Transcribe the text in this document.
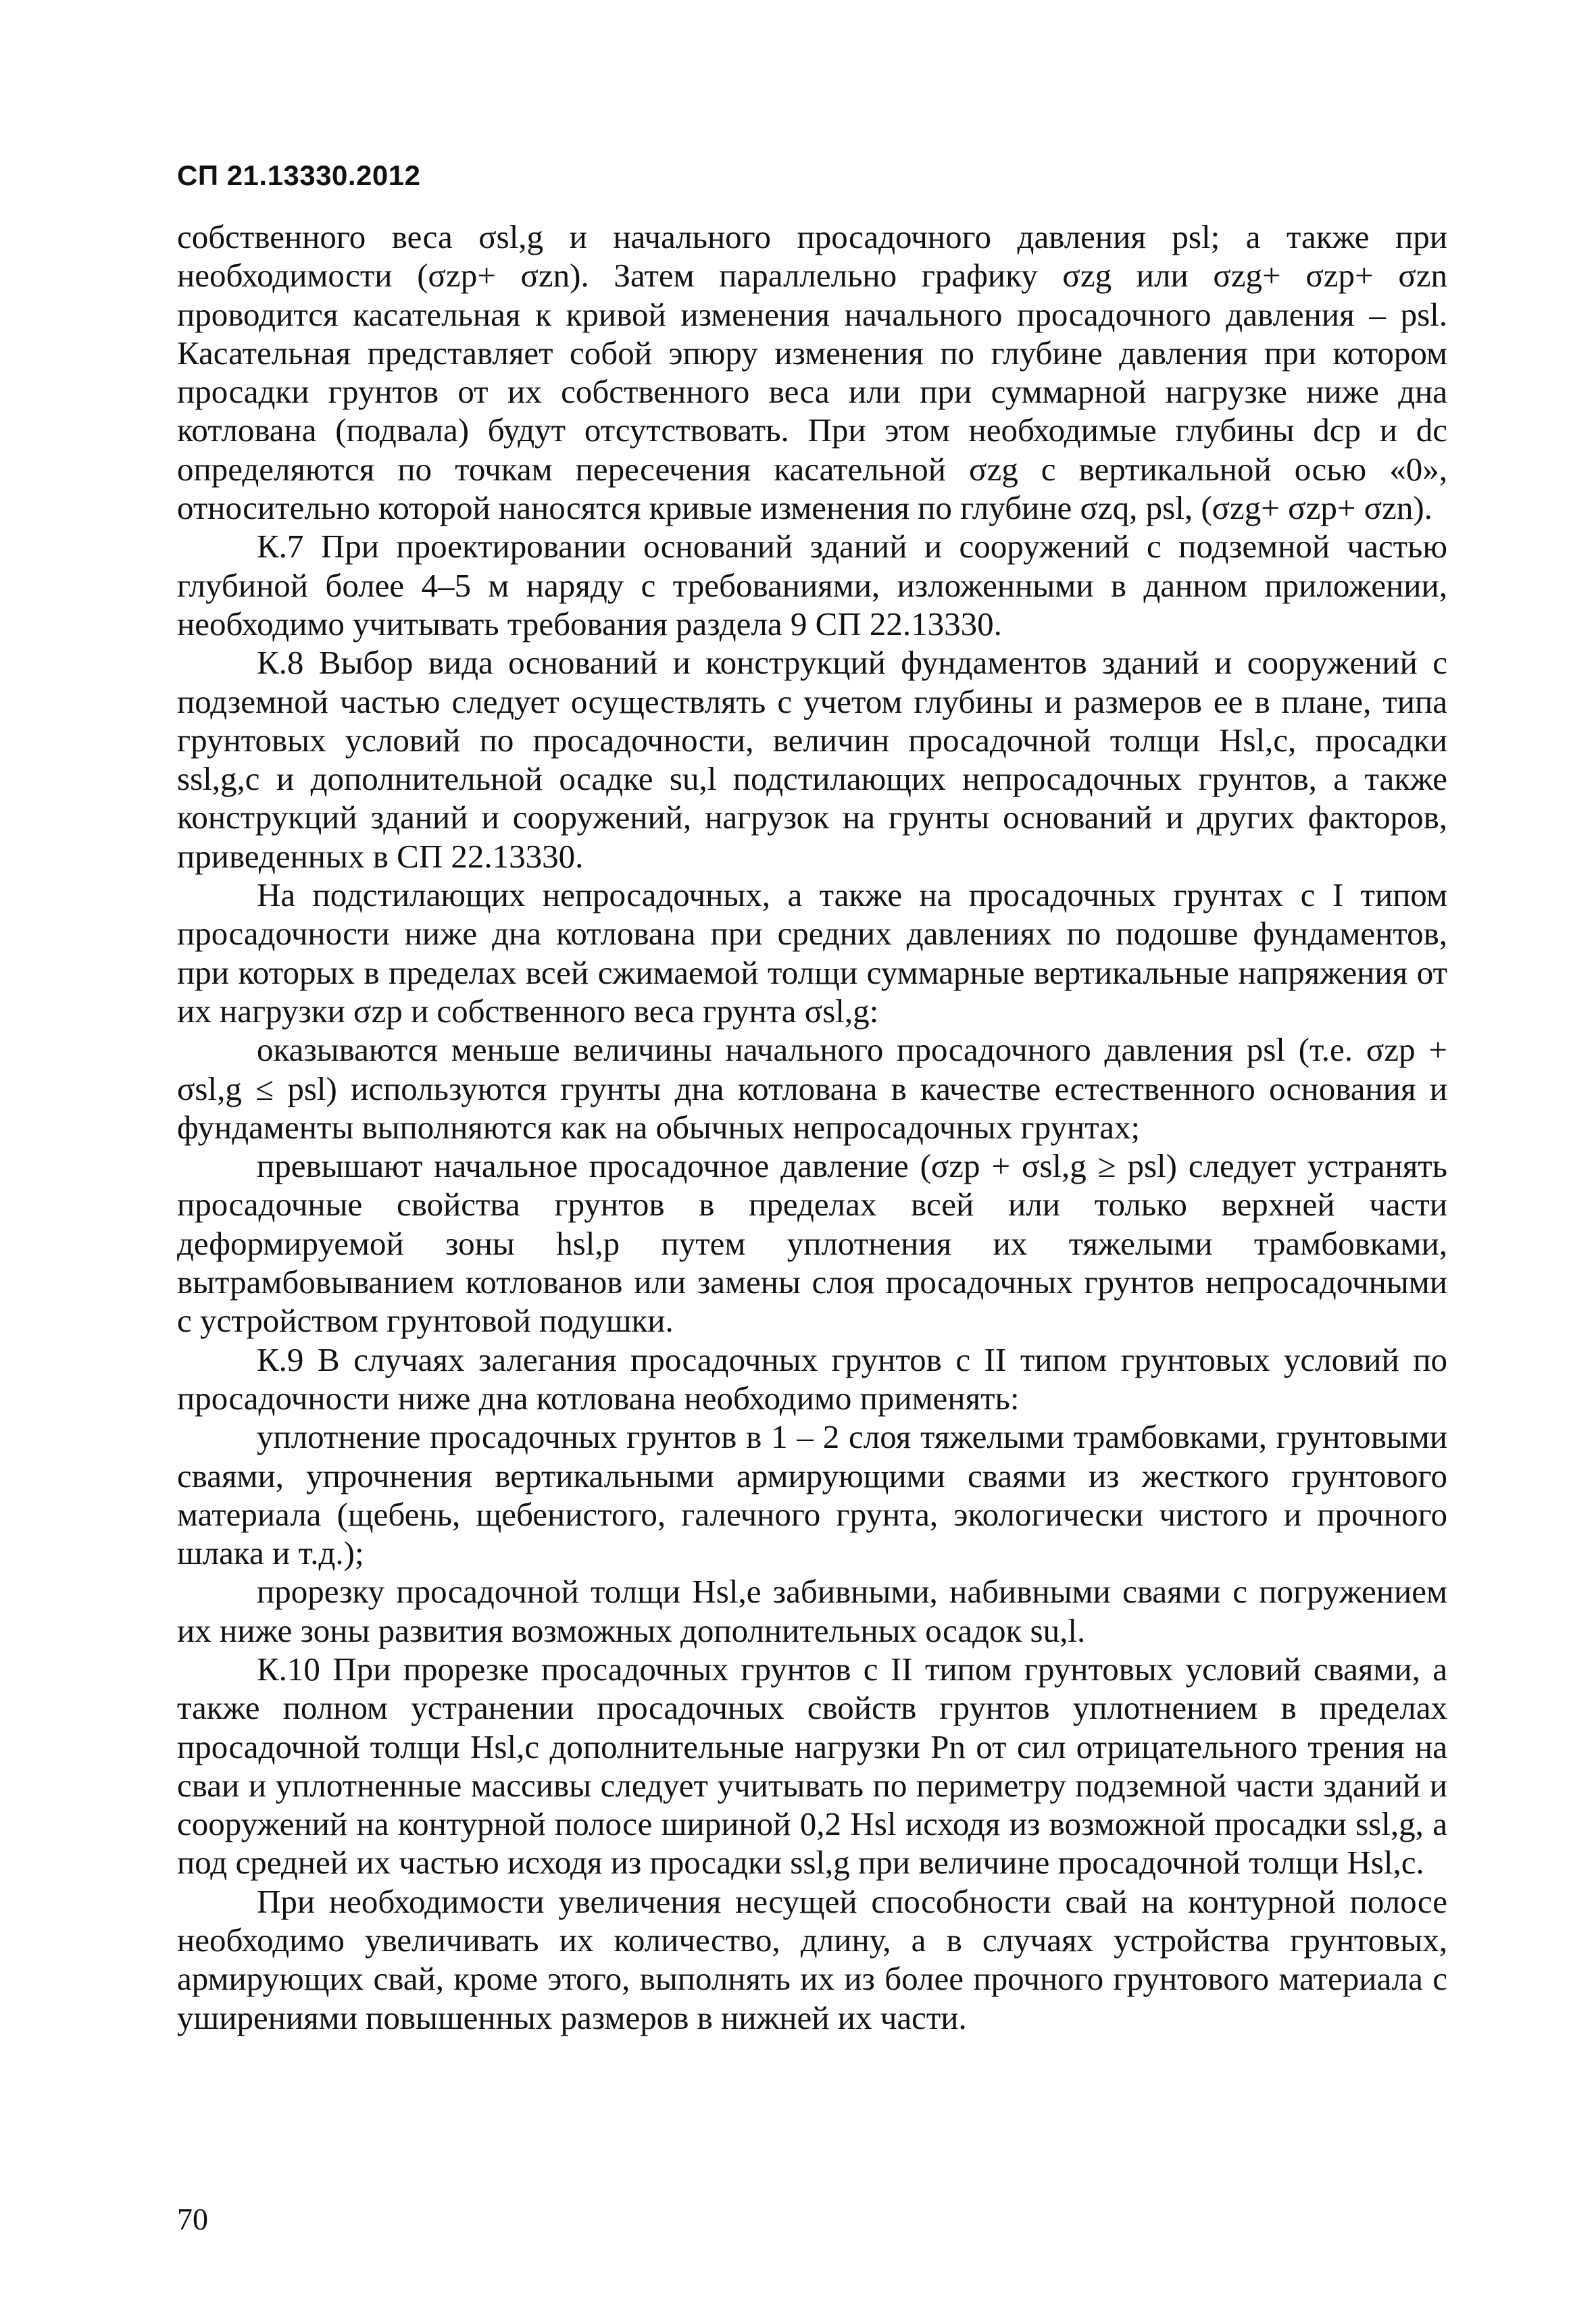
СП 21.13330.2012

собственного веса σsl,g и начального просадочного давления psl; а также при необходимости (σzp+ σzn). Затем параллельно графику σzg или σzg+ σzp+ σzn проводится касательная к кривой изменения начального просадочного давления – psl. Касательная представляет собой эпюру изменения по глубине давления при котором просадки грунтов от их собственного веса или при суммарной нагрузке ниже дна котлована (подвала) будут отсутствовать. При этом необходимые глубины dcp и dc определяются по точкам пересечения касательной σzg с вертикальной осью «0», относительно которой наносятся кривые изменения по глубине σzq, psl, (σzg+ σzp+ σzn).

К.7 При проектировании оснований зданий и сооружений с подземной частью глубиной более 4–5 м наряду с требованиями, изложенными в данном приложении, необходимо учитывать требования раздела 9 СП 22.13330.

К.8 Выбор вида оснований и конструкций фундаментов зданий и сооружений с подземной частью следует осуществлять с учетом глубины и размеров ее в плане, типа грунтовых условий по просадочности, величин просадочной толщи Hsl,c, просадки ssl,g,c и дополнительной осадке su,l подстилающих непросадочных грунтов, а также конструкций зданий и сооружений, нагрузок на грунты оснований и других факторов, приведенных в СП 22.13330.

На подстилающих непросадочных, а также на просадочных грунтах с I типом просадочности ниже дна котлована при средних давлениях по подошве фундаментов, при которых в пределах всей сжимаемой толщи суммарные вертикальные напряжения от их нагрузки σzp и собственного веса грунта σsl,g:

оказываются меньше величины начального просадочного давления psl (т.е. σzp + σsl,g ≤ psl) используются грунты дна котлована в качестве естественного основания и фундаменты выполняются как на обычных непросадочных грунтах;

превышают начальное просадочное давление (σzp + σsl,g ≥ psl) следует устранять просадочные свойства грунтов в пределах всей или только верхней части деформируемой зоны hsl,p путем уплотнения их тяжелыми трамбовками, вытрамбовыванием котлованов или замены слоя просадочных грунтов непросадочными с устройством грунтовой подушки.

К.9 В случаях залегания просадочных грунтов с II типом грунтовых условий по просадочности ниже дна котлована необходимо применять:

уплотнение просадочных грунтов в 1 – 2 слоя тяжелыми трамбовками, грунтовыми сваями, упрочнения вертикальными армирующими сваями из жесткого грунтового материала (щебень, щебенистого, галечного грунта, экологически чистого и прочного шлака и т.д.);

прорезку просадочной толщи Hsl,e забивными, набивными сваями с погружением их ниже зоны развития возможных дополнительных осадок su,l.

К.10 При прорезке просадочных грунтов с II типом грунтовых условий сваями, а также полном устранении просадочных свойств грунтов уплотнением в пределах просадочной толщи Hsl,c дополнительные нагрузки Pn от сил отрицательного трения на сваи и уплотненные массивы следует учитывать по периметру подземной части зданий и сооружений на контурной полосе шириной 0,2 Hsl исходя из возможной просадки ssl,g, а под средней их частью исходя из просадки ssl,g при величине просадочной толщи Hsl,c.

При необходимости увеличения несущей способности свай на контурной полосе необходимо увеличивать их количество, длину, а в случаях устройства грунтовых, армирующих свай, кроме этого, выполнять их из более прочного грунтового материала с уширениями повышенных размеров в нижней их части.

70
